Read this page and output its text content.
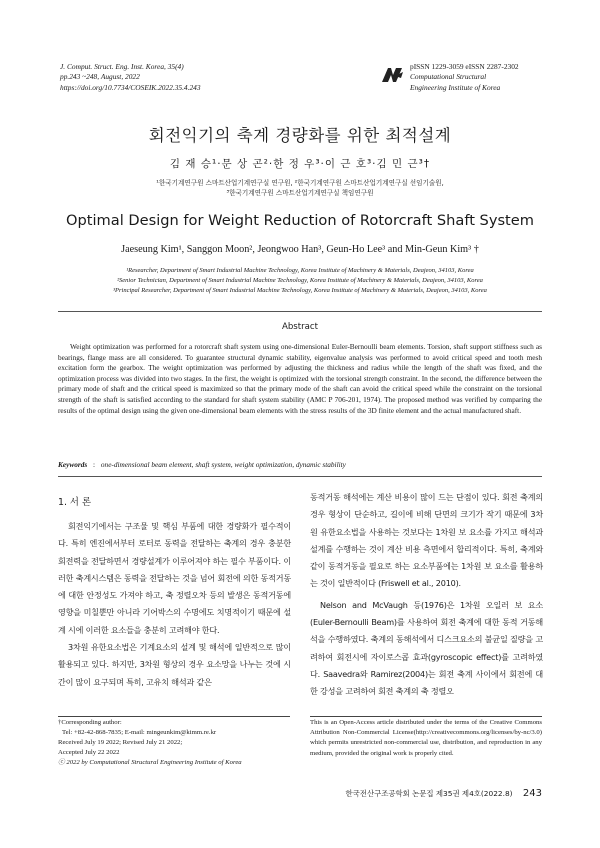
J. Comput. Struct. Eng. Inst. Korea, 35(4)
pp.243 ~248, August, 2022
https://doi.org/10.7734/COSEIK.2022.35.4.243
pISSN 1229-3059 eISSN 2287-2302
Computational Structural
Engineering Institute of Korea
회전익기의 축계 경량화를 위한 최적설계
김 재 승¹·문 상 곤²·한 정 우³·이 근 호³·김 민 근³†
¹한국기계연구원 스마트산업기계연구실 연구원, ²한국기계연구원 스마트산업기계연구실 선임기술원,
³한국기계연구원 스마트산업기계연구실 책임연구원
Optimal Design for Weight Reduction of Rotorcraft Shaft System
Jaeseung Kim¹, Sanggon Moon², Jeongwoo Han³, Geun-Ho Lee³ and Min-Geun Kim³ †
¹Researcher, Department of Smart Industrial Machine Technology, Korea Institute of Machinery & Materials, Deajeon, 34103, Korea
²Senior Technician, Department of Smart Industrial Machine Technology, Korea Institute of Machinery & Materials, Deajeon, 34103, Korea
³Principal Researcher, Department of Smart Industrial Machine Technology, Korea Institute of Machinery & Materials, Deajeon, 34103, Korea
Abstract
Weight optimization was performed for a rotorcraft shaft system using one-dimensional Euler-Bernoulli beam elements. Torsion, shaft support stiffness such as bearings, flange mass are all considered. To guarantee structural dynamic stability, eigenvalue analysis was performed to avoid critical speed and tooth mesh excitation form the gearbox. The weight optimization was performed by adjusting the thickness and radius while the length of the shaft was fixed, and the optimization process was divided into two stages. In the first, the weight is optimized with the torsional strength constraint. In the second, the difference between the primary mode of shaft and the critical speed is maximized so that the primary mode of the shaft can avoid the critical speed while the constraint on the torsional strength of the shaft is satisfied according to the standard for shaft system stability (AMC P 706-201, 1974). The proposed method was verified by comparing the results of the optimal design using the given one-dimensional beam elements with the stress results of the 3D finite element and the actual manufactured shaft.
Keywords : one-dimensional beam element, shaft system, weight optimization, dynamic stability
1. 서 론

회전익기에서는 구조물 및 핵심 부품에 대한 경량화가 필수적이다. 특히 엔진에서부터 로터로 동력을 전달하는 축계의 경우 충분한 회전력을 전달하면서 경량설계가 이루어져야 하는 필수 부품이다. 이러한 축계시스템은 동력을 전달하는 것을 넘어 회전에 의한 동적거동에 대한 안정성도 가져야 하고, 축 정렬오차 등의 발생은 동적거동에 영향을 미칠뿐만 아니라 기어박스의 수명에도 치명적이기 때문에 설계 시에 이러한 요소들을 충분히 고려해야 한다.

3차원 유한요소법은 기계요소의 설계 및 해석에 일반적으로 많이 활용되고 있다. 하지만, 3차원 형상의 경우 요소망을 나누는 것에 시간이 많이 요구되며 특히, 고유치 해석과 같은

동적거동 해석에는 계산 비용이 많이 드는 단점이 있다. 회전 축계의 경우 형상이 단순하고, 길이에 비해 단면의 크기가 작기 때문에 3차원 유한요소법을 사용하는 것보다는 1차원 보 요소를 가지고 해석과 설계를 수행하는 것이 계산 비용 측면에서 합리적이다. 특히, 축계와 같이 동적거동을 필요로 하는 요소부품에는 1차원 보 요소를 활용하는 것이 일반적이다 (Friswell et al., 2010).

Nelson and McVaugh 등(1976)은 1차원 오일러 보 요소(Euler-Bernoulli Beam)를 사용하여 회전 축계에 대한 동적 거동해석을 수행하였다. 축계의 동해석에서 디스크요소의 불균일 질량을 고려하여 회전시에 자이로스콥 효과(gyroscopic effect)를 고려하였다. Saavedra와 Ramirez(2004)는 회전 축계 사이에서 회전에 대한 강성을 고려하여 회전 축계의 축 정렬오

†Corresponding author:
Tel: +82-42-868-7835; E-mail: mingeunkim@kimm.re.kr
Received July 19 2022; Revised July 21 2022;
Accepted July 22 2022
ⓒ 2022 by Computational Structural Engineering Institute of Korea
This is an Open-Access article distributed under the terms of the Creative Commons Attribution Non-Commercial License(http://creativecommons.org/licenses/by-nc/3.0) which permits unrestricted non-commercial use, distribution, and reproduction in any medium, provided the original work is properly cited.
한국전산구조공학회 논문집 제35권 제4호(2022.8) 243
